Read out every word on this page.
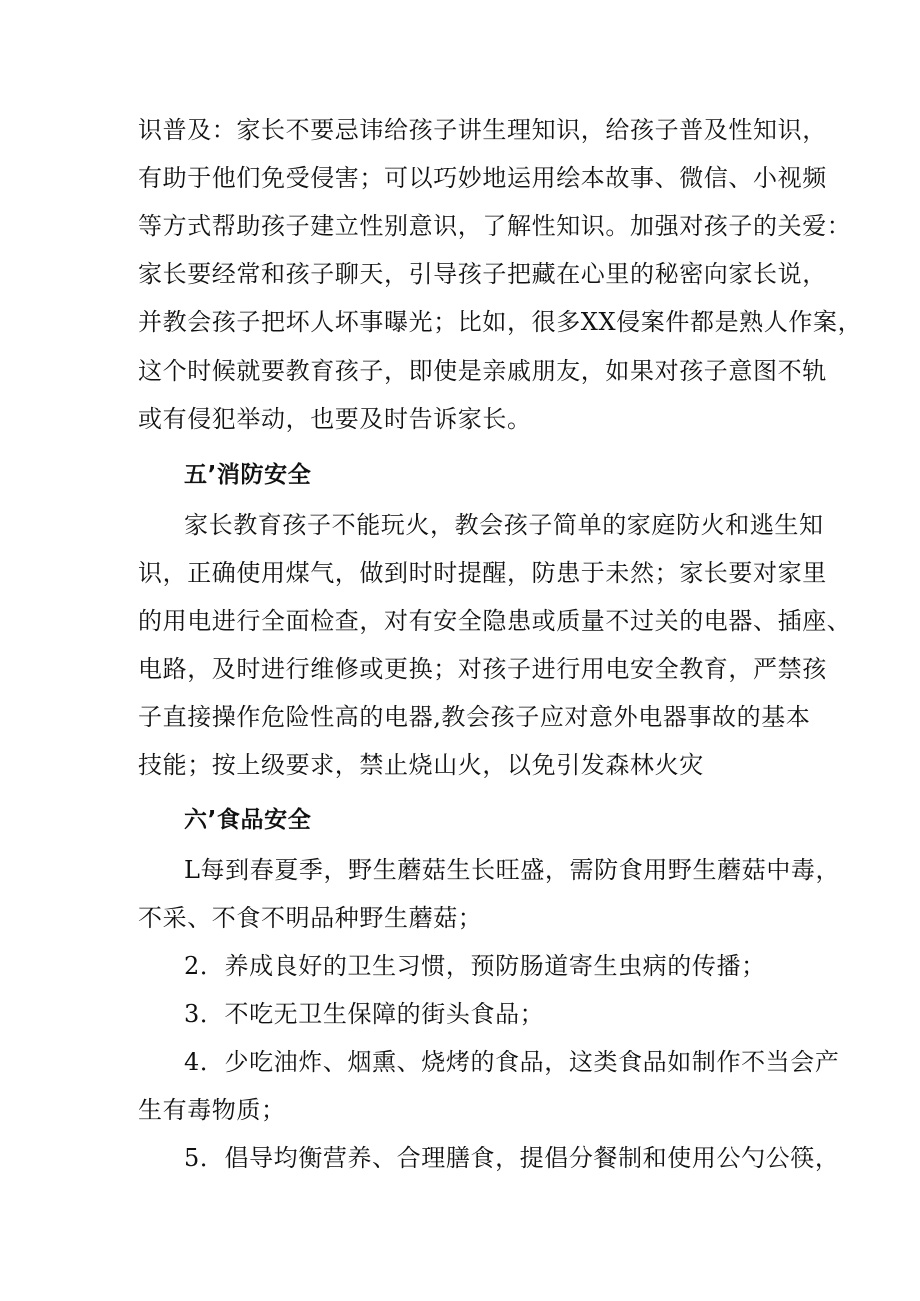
识普及：家长不要忌讳给孩子讲生理知识，给孩子普及性知识，
有助于他们免受侵害；可以巧妙地运用绘本故事、微信、小视频
等方式帮助孩子建立性别意识，了解性知识。加强对孩子的关爱：
家长要经常和孩子聊天，引导孩子把藏在心里的秘密向家长说，
并教会孩子把坏人坏事曝光；比如，很多XX侵案件都是熟人作案，
这个时候就要教育孩子，即使是亲戚朋友，如果对孩子意图不轨
或有侵犯举动，也要及时告诉家长。
五’消防安全
家长教育孩子不能玩火，教会孩子简单的家庭防火和逃生知
识，正确使用煤气，做到时时提醒，防患于未然；家长要对家里
的用电进行全面检查，对有安全隐患或质量不过关的电器、插座、
电路，及时进行维修或更换；对孩子进行用电安全教育，严禁孩
子直接操作危险性高的电器,教会孩子应对意外电器事故的基本
技能；按上级要求，禁止烧山火，以免引发森林火灾
六’食品安全
L每到春夏季，野生蘑菇生长旺盛，需防食用野生蘑菇中毒，
不采、不食不明品种野生蘑菇；
2．养成良好的卫生习惯，预防肠道寄生虫病的传播；
3．不吃无卫生保障的街头食品；
4．少吃油炸、烟熏、烧烤的食品，这类食品如制作不当会产
生有毒物质；
5．倡导均衡营养、合理膳食，提倡分餐制和使用公勺公筷，
